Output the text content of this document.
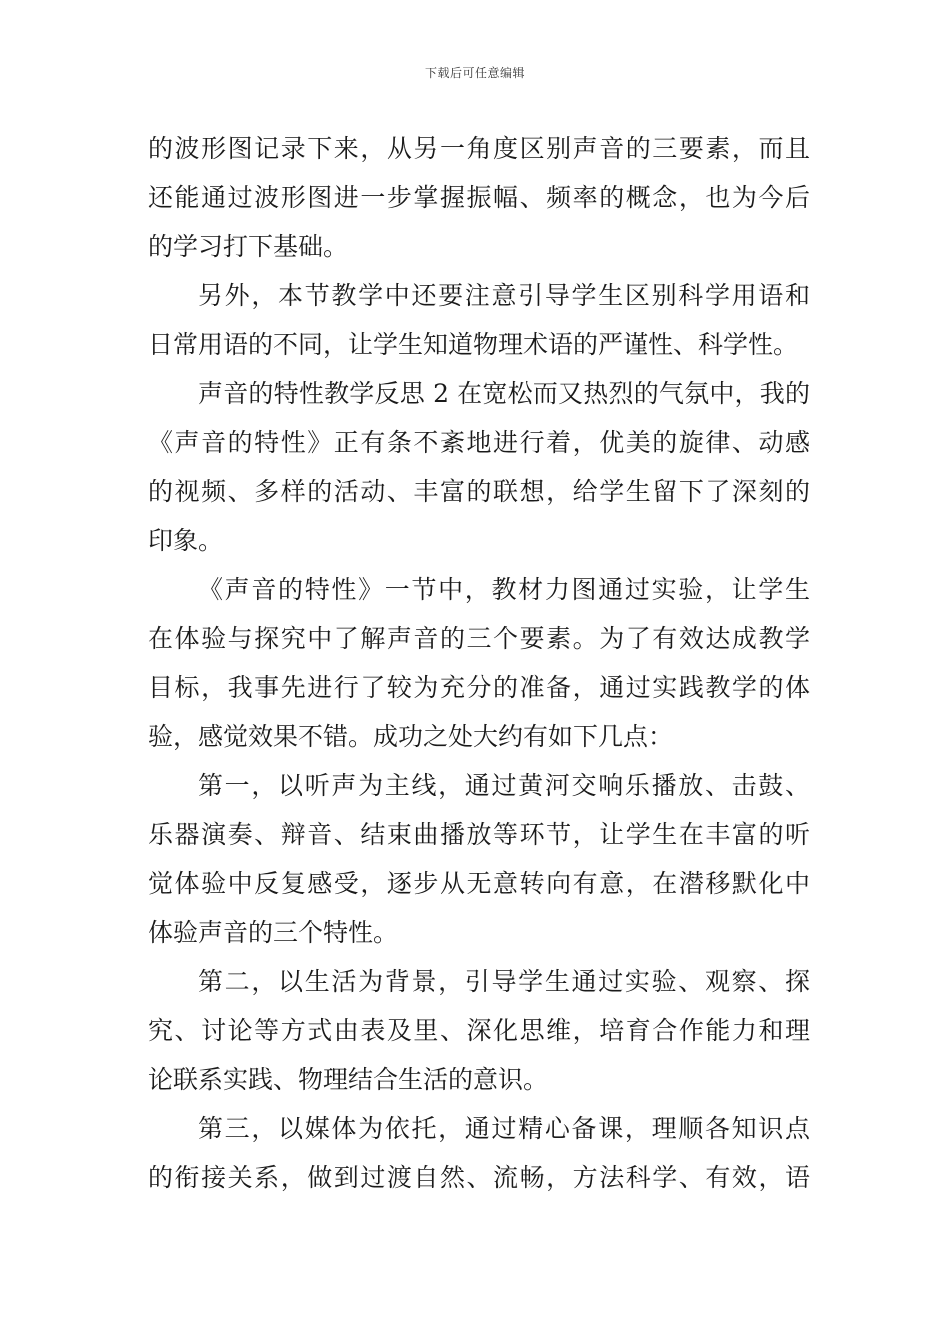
下载后可任意编辑
的波形图记录下来，从另一角度区别声音的三要素，而且
还能通过波形图进一步掌握振幅、频率的概念，也为今后
的学习打下基础。
另外，本节教学中还要注意引导学生区别科学用语和
日常用语的不同，让学生知道物理术语的严谨性、科学性。
声音的特性教学反思 2 在宽松而又热烈的气氛中，我的
《声音的特性》正有条不紊地进行着，优美的旋律、动感
的视频、多样的活动、丰富的联想，给学生留下了深刻的
印象。
《声音的特性》一节中，教材力图通过实验，让学生
在体验与探究中了解声音的三个要素。为了有效达成教学
目标，我事先进行了较为充分的准备，通过实践教学的体
验，感觉效果不错。成功之处大约有如下几点：
第一，以听声为主线，通过黄河交响乐播放、击鼓、
乐器演奏、辩音、结束曲播放等环节，让学生在丰富的听
觉体验中反复感受，逐步从无意转向有意，在潜移默化中
体验声音的三个特性。
第二，以生活为背景，引导学生通过实验、观察、探
究、讨论等方式由表及里、深化思维，培育合作能力和理
论联系实践、物理结合生活的意识。
第三，以媒体为依托，通过精心备课，理顺各知识点
的衔接关系，做到过渡自然、流畅，方法科学、有效，语
